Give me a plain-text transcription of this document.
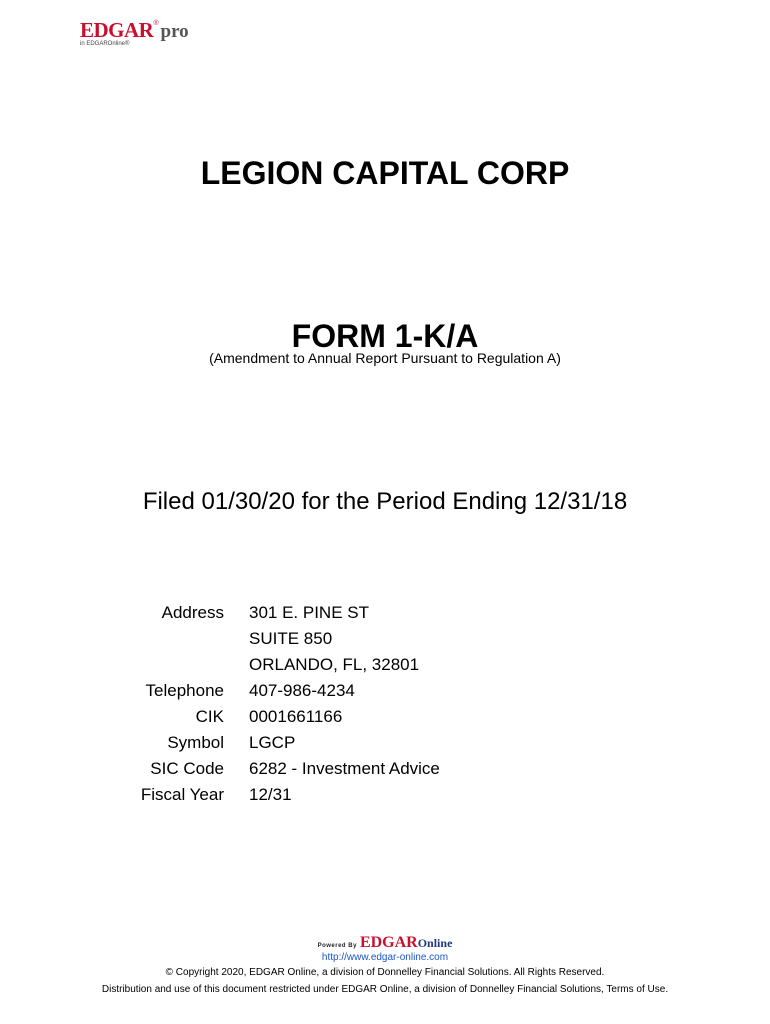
EDGAR® pro
in EDGAROnline®
LEGION CAPITAL CORP
FORM 1-K/A
(Amendment to Annual Report Pursuant to Regulation A)
Filed 01/30/20 for the Period Ending 12/31/18
Address	301 E. PINE ST
	SUITE 850
	ORLANDO, FL, 32801
Telephone	407-986-4234
CIK	0001661166
Symbol	LGCP
SIC Code	6282 - Investment Advice
Fiscal Year	12/31
Powered By EDGAROnline
http://www.edgar-online.com
© Copyright 2020, EDGAR Online, a division of Donnelley Financial Solutions. All Rights Reserved.
Distribution and use of this document restricted under EDGAR Online, a division of Donnelley Financial Solutions, Terms of Use.
